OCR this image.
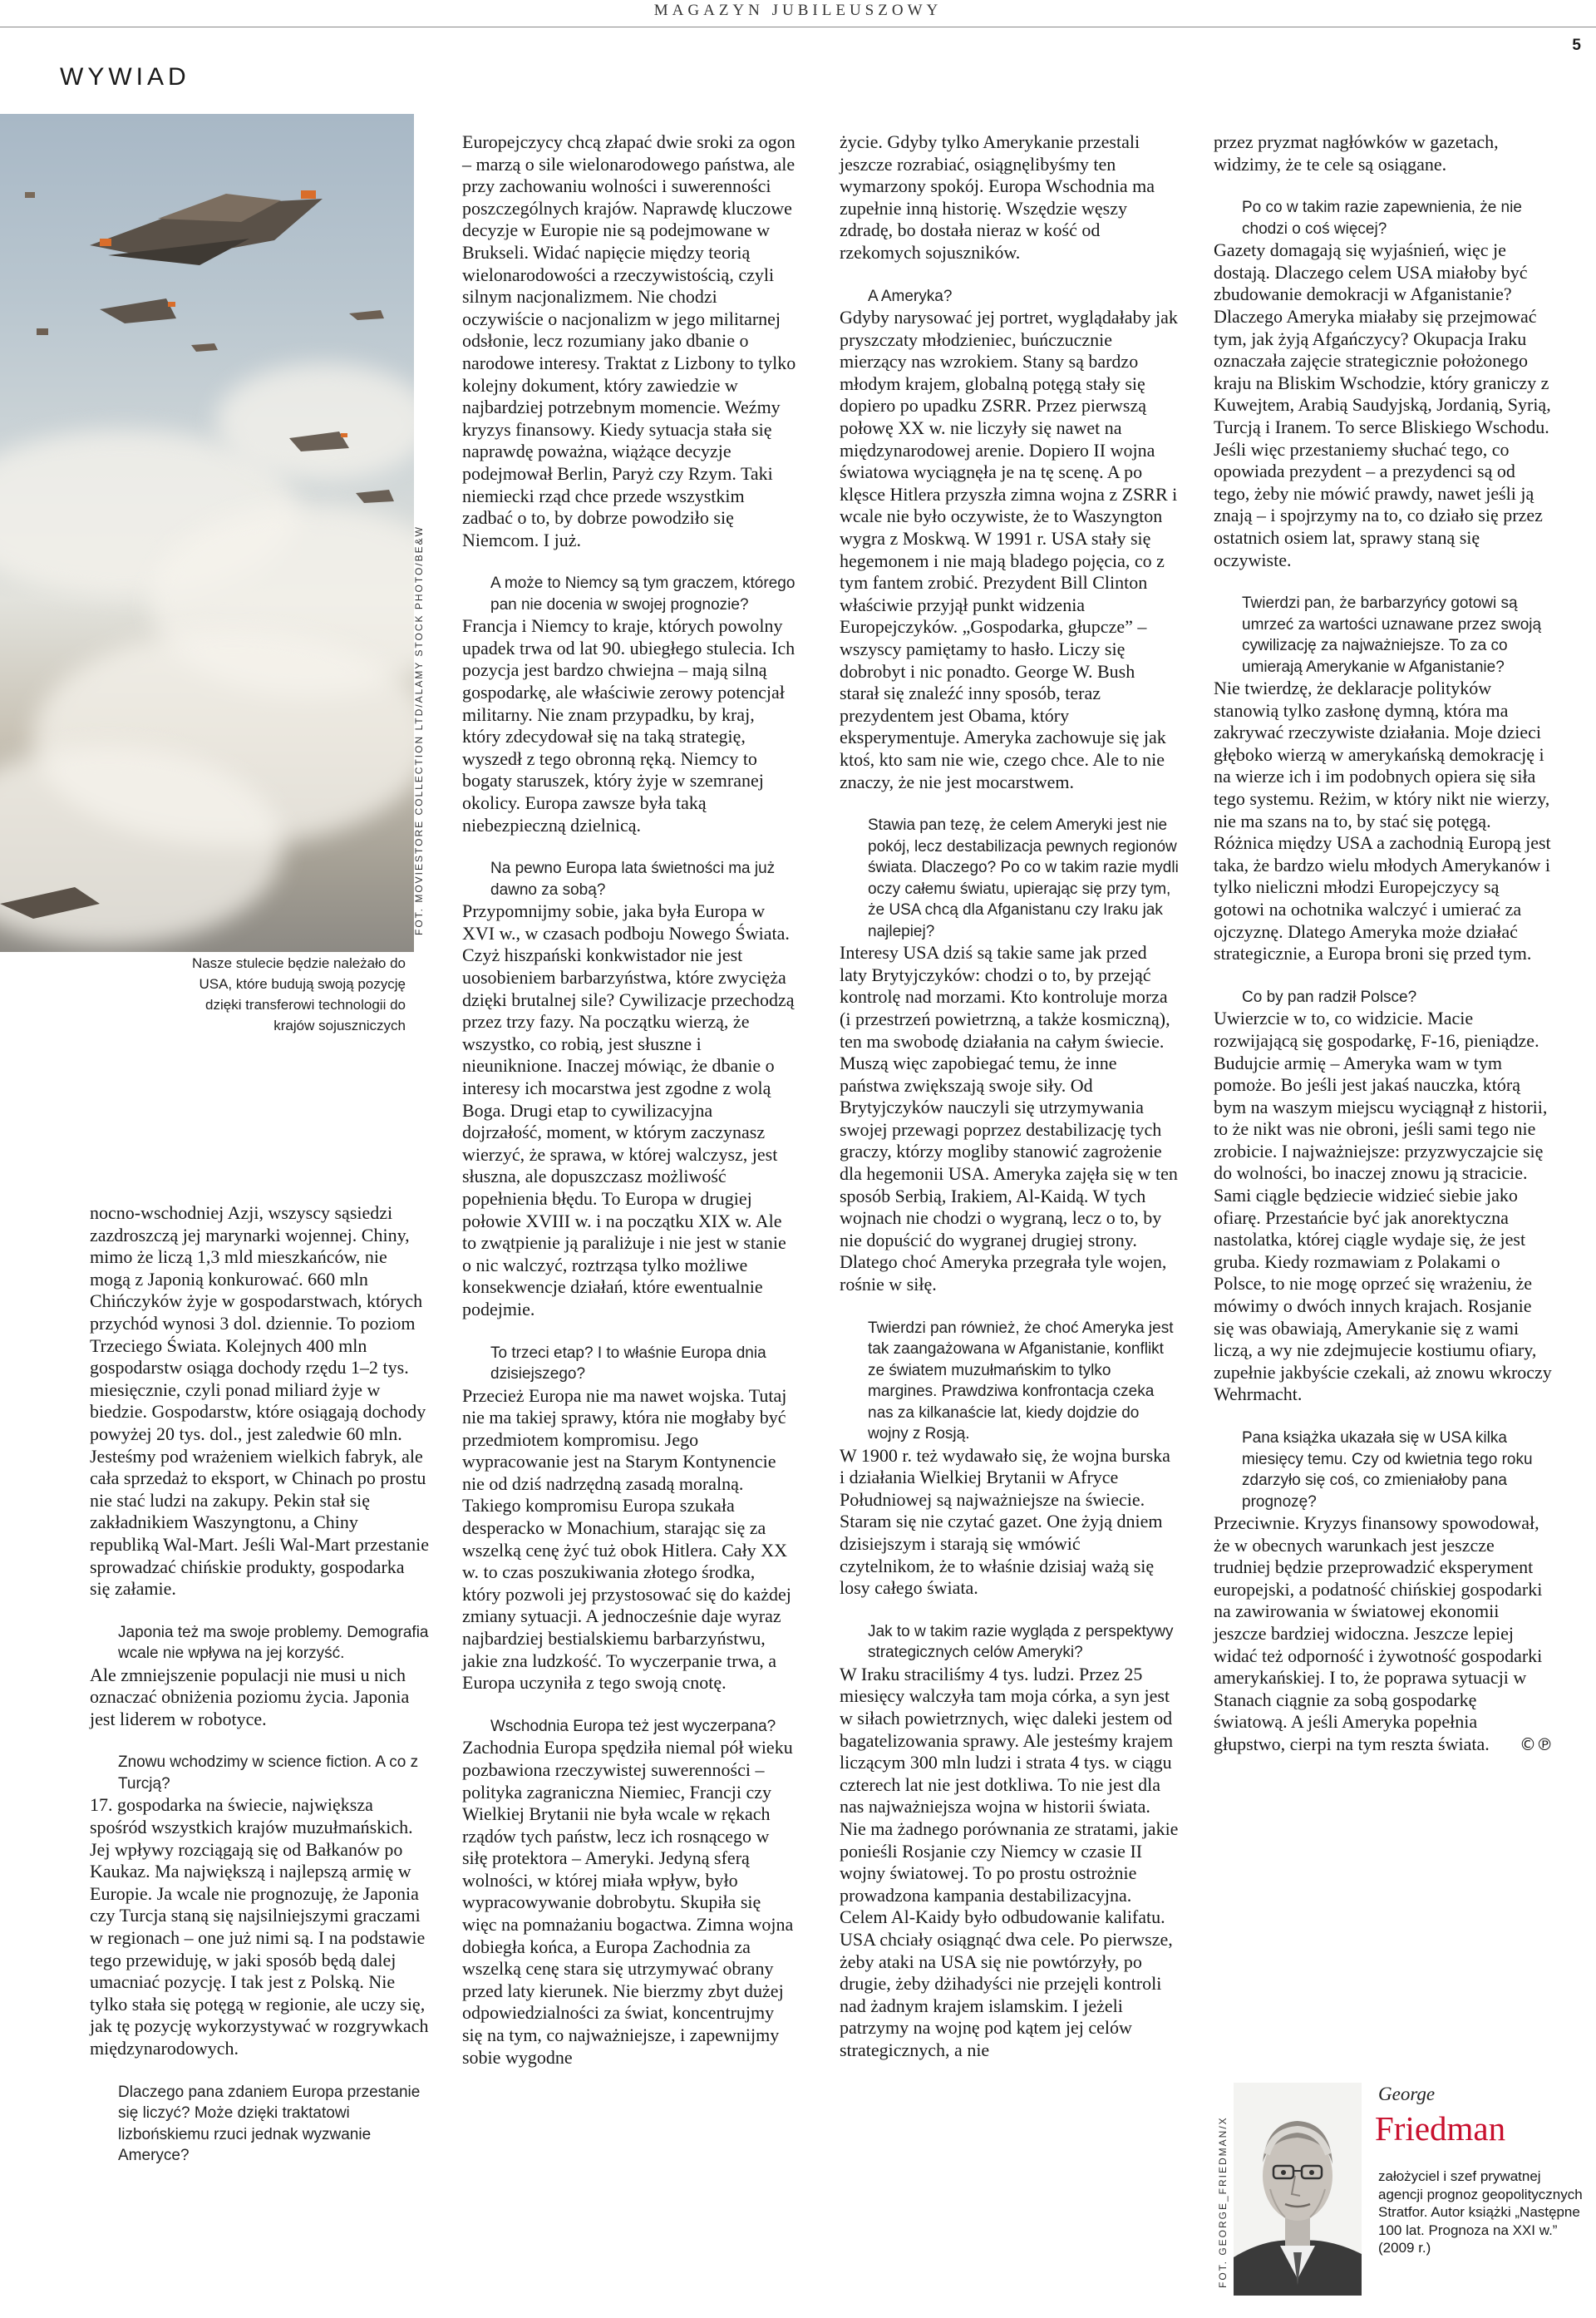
MAGAZYN JUBILEUSZOWY
5
WYWIAD
FOT. MOVIESTORE COLLECTION LTD/ALAMY STOCK PHOTO/BE&W
Nasze stulecie będzie należało do USA, które budują swoją pozycję dzięki transferowi technologii do krajów sojuszniczych

nocno-wschodniej Azji, wszyscy sąsiedzi zazdroszczą jej marynarki wojennej. Chiny, mimo że liczą 1,3 mld mieszkańców, nie mogą z Japonią konkurować. 660 mln Chińczyków żyje w gospodarstwach, których przychód wynosi 3 dol. dziennie. To poziom Trzeciego Świata. Kolejnych 400 mln gospodarstw osiąga dochody rzędu 1–2 tys. miesięcznie, czyli ponad miliard żyje w biedzie. Gospodarstw, które osiągają dochody powyżej 20 tys. dol., jest zaledwie 60 mln. Jesteśmy pod wrażeniem wielkich fabryk, ale cała sprzedaż to eksport, w Chinach po prostu nie stać ludzi na zakupy. Pekin stał się zakładnikiem Waszyngtonu, a Chiny republiką Wal-Mart. Jeśli Wal-Mart przestanie sprowadzać chińskie produkty, gospodarka się załamie.

Japonia też ma swoje problemy. Demografia wcale nie wpływa na jej korzyść.

Ale zmniejszenie populacji nie musi u nich oznaczać obniżenia poziomu życia. Japonia jest liderem w robotyce.

Znowu wchodzimy w science fiction. A co z Turcją?

17. gospodarka na świecie, największa spośród wszystkich krajów muzułmańskich. Jej wpływy rozciągają się od Bałkanów po Kaukaz. Ma największą i najlepszą armię w Europie. Ja wcale nie prognozuję, że Japonia czy Turcja staną się najsilniejszymi graczami w regionach – one już nimi są. I na podstawie tego przewiduję, w jaki sposób będą dalej umacniać pozycję. I tak jest z Polską. Nie tylko stała się potęgą w regionie, ale uczy się, jak tę pozycję wykorzystywać w rozgrywkach międzynarodowych.

Dlaczego pana zdaniem Europa przestanie się liczyć? Może dzięki traktatowi lizbońskiemu rzuci jednak wyzwanie Ameryce?

Europejczycy chcą złapać dwie sroki za ogon – marzą o sile wielonarodowego państwa, ale przy zachowaniu wolności i suwerenności poszczególnych krajów. Naprawdę kluczowe decyzje w Europie nie są podejmowane w Brukseli. Widać napięcie między teorią wielonarodowości a rzeczywistością, czyli silnym nacjonalizmem. Nie chodzi oczywiście o nacjonalizm w jego militarnej odsłonie, lecz rozumiany jako dbanie o narodowe interesy. Traktat z Lizbony to tylko kolejny dokument, który zawiedzie w najbardziej potrzebnym momencie. Weźmy kryzys finansowy. Kiedy sytuacja stała się naprawdę poważna, wiążące decyzje podejmował Berlin, Paryż czy Rzym. Taki niemiecki rząd chce przede wszystkim zadbać o to, by dobrze powodziło się Niemcom. I już.

A może to Niemcy są tym graczem, którego pan nie docenia w swojej prognozie?

Francja i Niemcy to kraje, których powolny upadek trwa od lat 90. ubiegłego stulecia. Ich pozycja jest bardzo chwiejna – mają silną gospodarkę, ale właściwie zerowy potencjał militarny. Nie znam przypadku, by kraj, który zdecydował się na taką strategię, wyszedł z tego obronną ręką. Niemcy to bogaty staruszek, który żyje w szemranej okolicy. Europa zawsze była taką niebezpieczną dzielnicą.

Na pewno Europa lata świetności ma już dawno za sobą?

Przypomnijmy sobie, jaka była Europa w XVI w., w czasach podboju Nowego Świata. Czyż hiszpański konkwistador nie jest uosobieniem barbarzyństwa, które zwycięża dzięki brutalnej sile? Cywilizacje przechodzą przez trzy fazy. Na początku wierzą, że wszystko, co robią, jest słuszne i nieuniknione. Inaczej mówiąc, że dbanie o interesy ich mocarstwa jest zgodne z wolą Boga. Drugi etap to cywilizacyjna dojrzałość, moment, w którym zaczynasz wierzyć, że sprawa, w której walczysz, jest słuszna, ale dopuszczasz możliwość popełnienia błędu. To Europa w drugiej połowie XVIII w. i na początku XIX w. Ale to zwątpienie ją paraliżuje i nie jest w stanie o nic walczyć, roztrząsa tylko możliwe konsekwencje działań, które ewentualnie podejmie.

To trzeci etap? I to właśnie Europa dnia dzisiejszego?

Przecież Europa nie ma nawet wojska. Tutaj nie ma takiej sprawy, która nie mogłaby być przedmiotem kompromisu. Jego wypracowanie jest na Starym Kontynencie nie od dziś nadrzędną zasadą moralną. Takiego kompromisu Europa szukała desperacko w Monachium, starając się za wszelką cenę żyć tuż obok Hitlera. Cały XX w. to czas poszukiwania złotego środka, który pozwoli jej przystosować się do każdej zmiany sytuacji. A jednocześnie daje wyraz najbardziej bestialskiemu barbarzyństwu, jakie zna ludzkość. To wyczerpanie trwa, a Europa uczyniła z tego swoją cnotę.

Wschodnia Europa też jest wyczerpana?

Zachodnia Europa spędziła niemal pół wieku pozbawiona rzeczywistej suwerenności – polityka zagraniczna Niemiec, Francji czy Wielkiej Brytanii nie była wcale w rękach rządów tych państw, lecz ich rosnącego w siłę protektora – Ameryki. Jedyną sferą wolności, w której miała wpływ, było wypracowywanie dobrobytu. Skupiła się więc na pomnażaniu bogactwa. Zimna wojna dobiegła końca, a Europa Zachodnia za wszelką cenę stara się utrzymywać obrany przed laty kierunek. Nie bierzmy zbyt dużej odpowiedzialności za świat, koncentrujmy się na tym, co najważniejsze, i zapewnijmy sobie wygodne

życie. Gdyby tylko Amerykanie przestali jeszcze rozrabiać, osiągnęlibyśmy ten wymarzony spokój. Europa Wschodnia ma zupełnie inną historię. Wszędzie węszy zdradę, bo dostała nieraz w kość od rzekomych sojuszników.

A Ameryka?

Gdyby narysować jej portret, wyglądałaby jak pryszczaty młodzieniec, buńczucznie mierzący nas wzrokiem. Stany są bardzo młodym krajem, globalną potęgą stały się dopiero po upadku ZSRR. Przez pierwszą połowę XX w. nie liczyły się nawet na międzynarodowej arenie. Dopiero II wojna światowa wyciągnęła je na tę scenę. A po klęsce Hitlera przyszła zimna wojna z ZSRR i wcale nie było oczywiste, że to Waszyngton wygra z Moskwą. W 1991 r. USA stały się hegemonem i nie mają bladego pojęcia, co z tym fantem zrobić. Prezydent Bill Clinton właściwie przyjął punkt widzenia Europejczyków. „Gospodarka, głupcze” – wszyscy pamiętamy to hasło. Liczy się dobrobyt i nic ponadto. George W. Bush starał się znaleźć inny sposób, teraz prezydentem jest Obama, który eksperymentuje. Ameryka zachowuje się jak ktoś, kto sam nie wie, czego chce. Ale to nie znaczy, że nie jest mocarstwem.

Stawia pan tezę, że celem Ameryki jest nie pokój, lecz destabilizacja pewnych regionów świata. Dlaczego? Po co w takim razie mydli oczy całemu światu, upierając się przy tym, że USA chcą dla Afganistanu czy Iraku jak najlepiej?

Interesy USA dziś są takie same jak przed laty Brytyjczyków: chodzi o to, by przejąć kontrolę nad morzami. Kto kontroluje morza (i przestrzeń powietrzną, a także kosmiczną), ten ma swobodę działania na całym świecie. Muszą więc zapobiegać temu, że inne państwa zwiększają swoje siły. Od Brytyjczyków nauczyli się utrzymywania swojej przewagi poprzez destabilizację tych graczy, którzy mogliby stanowić zagrożenie dla hegemonii USA. Ameryka zajęła się w ten sposób Serbią, Irakiem, Al-Kaidą. W tych wojnach nie chodzi o wygraną, lecz o to, by nie dopuścić do wygranej drugiej strony. Dlatego choć Ameryka przegrała tyle wojen, rośnie w siłę.

Twierdzi pan również, że choć Ameryka jest tak zaangażowana w Afganistanie, konflikt ze światem muzułmańskim to tylko margines. Prawdziwa konfrontacja czeka nas za kilkanaście lat, kiedy dojdzie do wojny z Rosją.

W 1900 r. też wydawało się, że wojna burska i działania Wielkiej Brytanii w Afryce Południowej są najważniejsze na świecie. Staram się nie czytać gazet. One żyją dniem dzisiejszym i starają się wmówić czytelnikom, że to właśnie dzisiaj ważą się losy całego świata.

Jak to w takim razie wygląda z perspektywy strategicznych celów Ameryki?

W Iraku straciliśmy 4 tys. ludzi. Przez 25 miesięcy walczyła tam moja córka, a syn jest w siłach powietrznych, więc daleki jestem od bagatelizowania sprawy. Ale jesteśmy krajem liczącym 300 mln ludzi i strata 4 tys. w ciągu czterech lat nie jest dotkliwa. To nie jest dla nas najważniejsza wojna w historii świata. Nie ma żadnego porównania ze stratami, jakie ponieśli Rosjanie czy Niemcy w czasie II wojny światowej. To po prostu ostrożnie prowadzona kampania destabilizacyjna. Celem Al-Kaidy było odbudowanie kalifatu. USA chciały osiągnąć dwa cele. Po pierwsze, żeby ataki na USA się nie powtórzyły, po drugie, żeby dżihadyści nie przejęli kontroli nad żadnym krajem islamskim. I jeżeli patrzymy na wojnę pod kątem jej celów strategicznych, a nie

przez pryzmat nagłówków w gazetach, widzimy, że te cele są osiągane.

Po co w takim razie zapewnienia, że nie chodzi o coś więcej?

Gazety domagają się wyjaśnień, więc je dostają. Dlaczego celem USA miałoby być zbudowanie demokracji w Afganistanie? Dlaczego Ameryka miałaby się przejmować tym, jak żyją Afgańczycy? Okupacja Iraku oznaczała zajęcie strategicznie położonego kraju na Bliskim Wschodzie, który graniczy z Kuwejtem, Arabią Saudyjską, Jordanią, Syrią, Turcją i Iranem. To serce Bliskiego Wschodu. Jeśli więc przestaniemy słuchać tego, co opowiada prezydent – a prezydenci są od tego, żeby nie mówić prawdy, nawet jeśli ją znają – i spojrzymy na to, co działo się przez ostatnich osiem lat, sprawy staną się oczywiste.

Twierdzi pan, że barbarzyńcy gotowi są umrzeć za wartości uznawane przez swoją cywilizację za najważniejsze. To za co umierają Amerykanie w Afganistanie?

Nie twierdzę, że deklaracje polityków stanowią tylko zasłonę dymną, która ma zakrywać rzeczywiste działania. Moje dzieci głęboko wierzą w amerykańską demokrację i na wierze ich i im podobnych opiera się siła tego systemu. Reżim, w który nikt nie wierzy, nie ma szans na to, by stać się potęgą. Różnica między USA a zachodnią Europą jest taka, że bardzo wielu młodych Amerykanów i tylko nieliczni młodzi Europejczycy są gotowi na ochotnika walczyć i umierać za ojczyznę. Dlatego Ameryka może działać strategicznie, a Europa broni się przed tym.

Co by pan radził Polsce?

Uwierzcie w to, co widzicie. Macie rozwijającą się gospodarkę, F-16, pieniądze. Budujcie armię – Ameryka wam w tym pomoże. Bo jeśli jest jakaś nauczka, którą bym na waszym miejscu wyciągnął z historii, to że nikt was nie obroni, jeśli sami tego nie zrobicie. I najważniejsze: przyzwyczajcie się do wolności, bo inaczej znowu ją stracicie. Sami ciągle będziecie widzieć siebie jako ofiarę. Przestańcie być jak anorektyczna nastolatka, której ciągle wydaje się, że jest gruba. Kiedy rozmawiam z Polakami o Polsce, to nie mogę oprzeć się wrażeniu, że mówimy o dwóch innych krajach. Rosjanie się was obawiają, Amerykanie się z wami liczą, a wy nie zdejmujecie kostiumu ofiary, zupełnie jakbyście czekali, aż znowu wkroczy Wehrmacht.

Pana książka ukazała się w USA kilka miesięcy temu. Czy od kwietnia tego roku zdarzyło się coś, co zmieniałoby pana prognozę?

Przeciwnie. Kryzys finansowy spowodował, że w obecnych warunkach jest jeszcze trudniej będzie przeprowadzić eksperyment europejski, a podatność chińskiej gospodarki na zawirowania w światowej ekonomii jeszcze bardziej widoczna. Jeszcze lepiej widać też odporność i żywotność gospodarki amerykańskiej. I to, że poprawa sytuacji w Stanach ciągnie za sobą gospodarkę światową. A jeśli Ameryka popełnia głupstwo, cierpi na tym reszta świata. ©℗

FOT. GEORGE_FRIEDMAN/X
George
Friedman
założyciel i szef prywatnej agencji prognoz geopolitycznych Stratfor. Autor książki „Następne 100 lat. Prognoza na XXI w.” (2009 r.)
